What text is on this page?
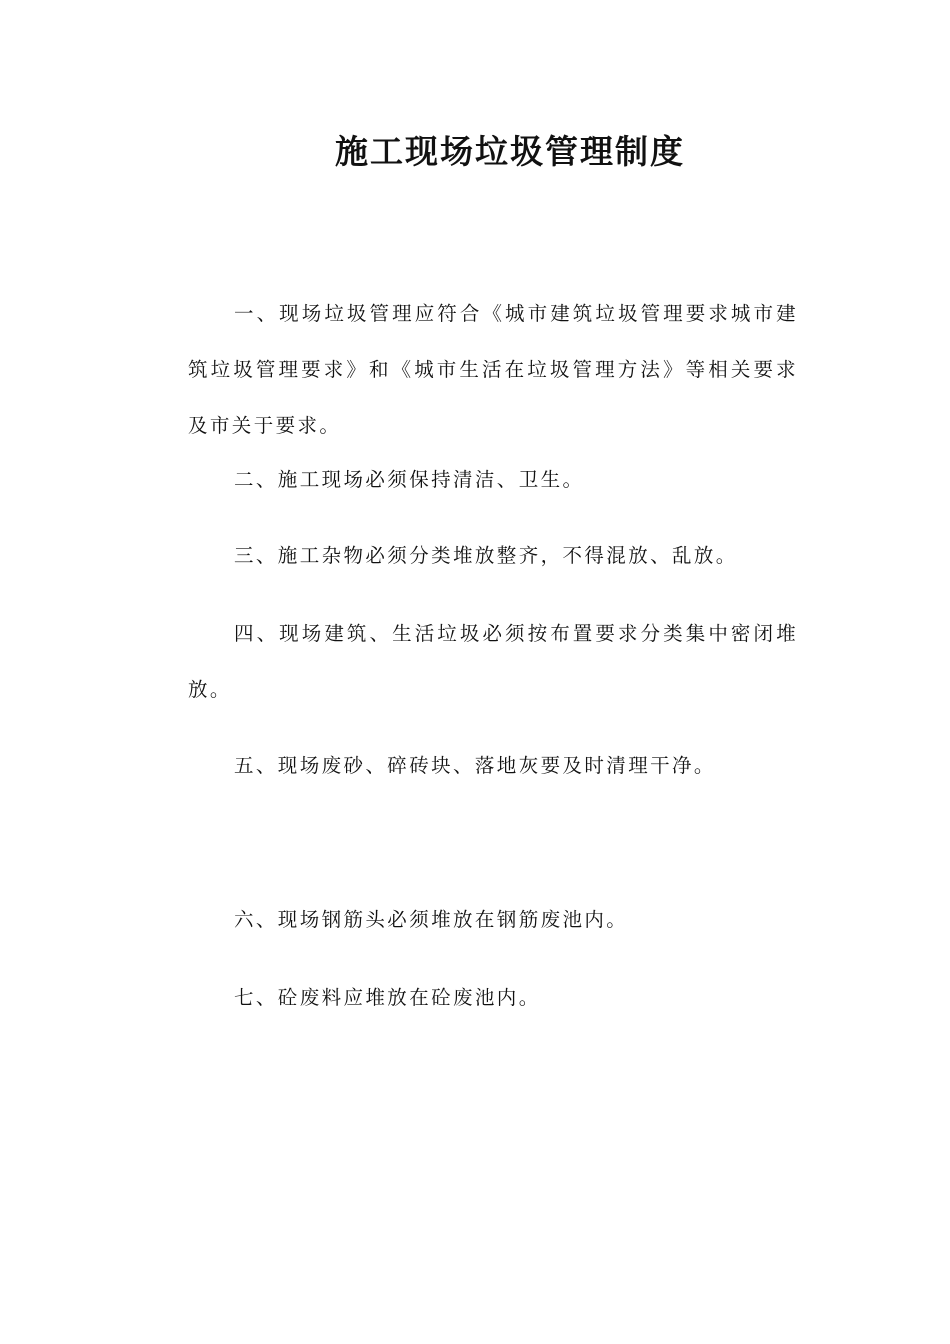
施工现场垃圾管理制度

一、现场垃圾管理应符合《城市建筑垃圾管理要求城市建筑垃圾管理要求》和《城市生活在垃圾管理方法》等相关要求及市关于要求。

二、施工现场必须保持清洁、卫生。

三、施工杂物必须分类堆放整齐，不得混放、乱放。

四、现场建筑、生活垃圾必须按布置要求分类集中密闭堆放。

五、现场废砂、碎砖块、落地灰要及时清理干净。

六、现场钢筋头必须堆放在钢筋废池内。

七、砼废料应堆放在砼废池内。
